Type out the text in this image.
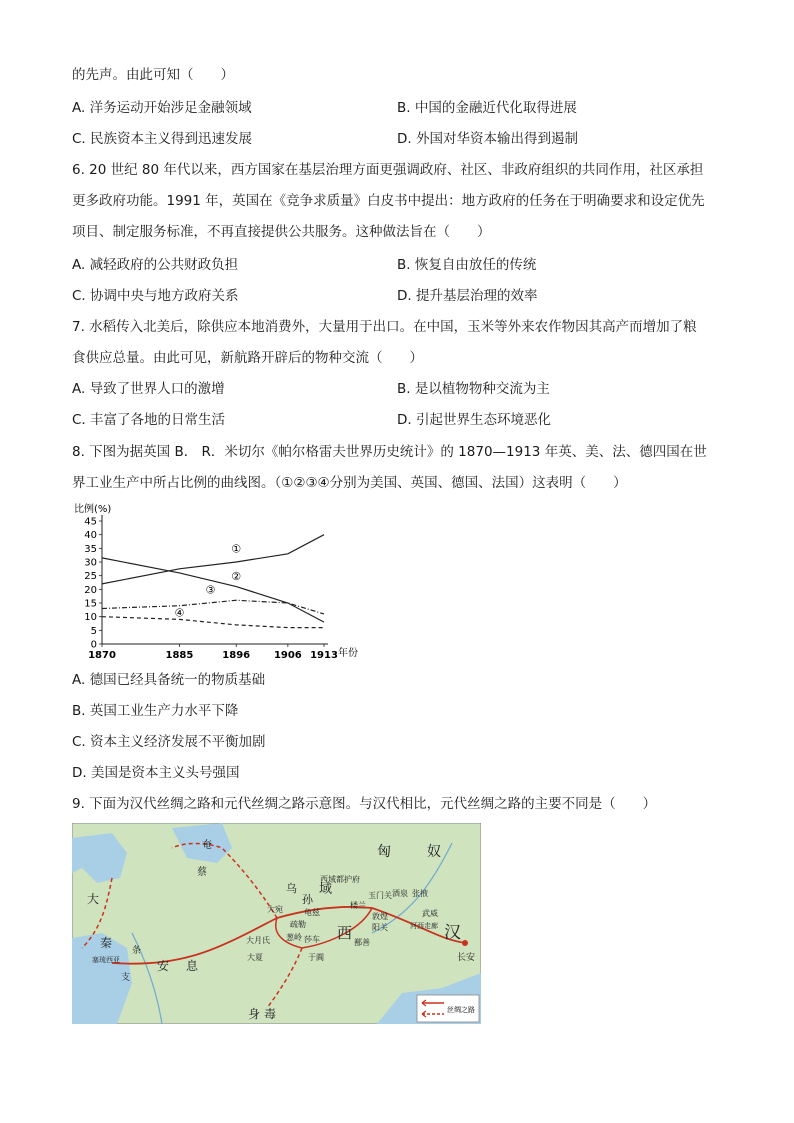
的先声。由此可知（　　）
A. 洋务运动开始涉足金融领域	B. 中国的金融近代化取得进展
C. 民族资本主义得到迅速发展	D. 外国对华资本输出得到遏制
6. 20 世纪 80 年代以来，西方国家在基层治理方面更强调政府、社区、非政府组织的共同作用，社区承担
更多政府功能。1991 年，英国在《竞争求质量》白皮书中提出：地方政府的任务在于明确要求和设定优先
项目、制定服务标准，不再直接提供公共服务。这种做法旨在（　　）
A. 减轻政府的公共财政负担	B. 恢复自由放任的传统
C. 协调中央与地方政府关系	D. 提升基层治理的效率
7. 水稻传入北美后，除供应本地消费外，大量用于出口。在中国，玉米等外来农作物因其高产而增加了粮
食供应总量。由此可见，新航路开辟后的物种交流（　　）
A. 导致了世界人口的激增	B. 是以植物物种交流为主
C. 丰富了各地的日常生活	D. 引起世界生态环境恶化
8. 下图为据英国 B． R．米切尔《帕尔格雷夫世界历史统计》的 1870—1913 年英、美、法、德四国在世
界工业生产中所占比例的曲线图。（①②③④分别为美国、英国、德国、法国）这表明（　　）
0
5
10
15
20
25
30
35
40
45
1870	1885	1896 1906 1913
①
②
③
④
比例(%)
年份
A. 德国已经具备统一的物质基础
B. 英国工业生产力水平下降
C. 资本主义经济发展不平衡加剧
D. 美国是资本主义头号强国
9. 下面为汉代丝绸之路和元代丝绸之路示意图。与汉代相比，元代丝绸之路的主要不同是（　　）
匈	奴
汉
长安
西
域
大宛
葱岭
疏勒
龟兹
楼兰
玉门关 酒泉 张掖
武威
河西走廊
敦煌
阳关
西域都护府
鄯善
于阗
莎车
大月氏
大夏
安 息
大
秦
条
支
塞琉西亚
乌
孙
奄
蔡
身 毒	丝绸之路
